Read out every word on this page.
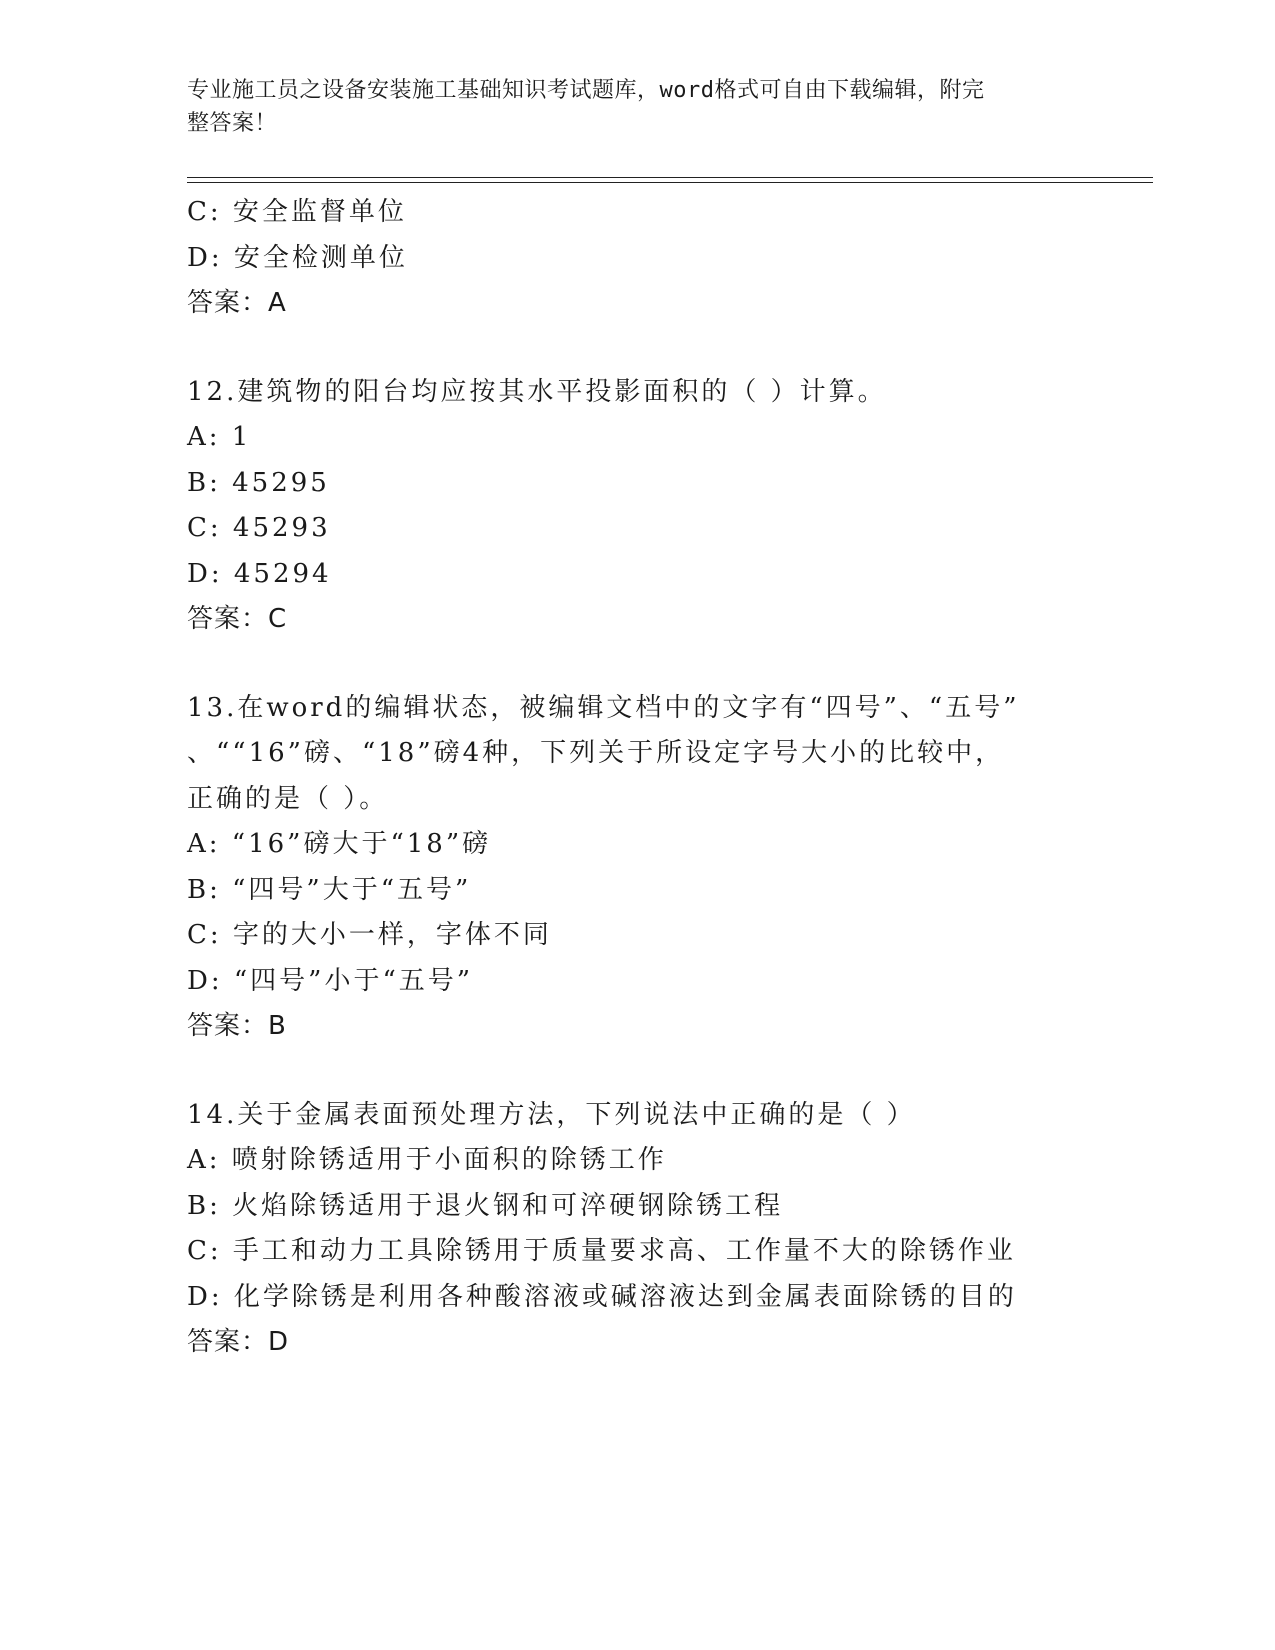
专业施工员之设备安装施工基础知识考试题库，word格式可自由下载编辑，附完
整答案！
C: 安全监督单位
D: 安全检测单位
答案：A
12.建筑物的阳台均应按其水平投影面积的（ ）计算。
A: 1
B: 45295
C: 45293
D: 45294
答案：C
13.在word的编辑状态，被编辑文档中的文字有“四号”、“五号”
、““16”磅、“18”磅4种，下列关于所设定字号大小的比较中，
正确的是（ ）。
A: “16”磅大于“18”磅
B: “四号”大于“五号”
C: 字的大小一样，字体不同
D: “四号”小于“五号”
答案：B
14.关于金属表面预处理方法，下列说法中正确的是（ ）
A: 喷射除锈适用于小面积的除锈工作
B: 火焰除锈适用于退火钢和可淬硬钢除锈工程
C: 手工和动力工具除锈用于质量要求高、工作量不大的除锈作业
D: 化学除锈是利用各种酸溶液或碱溶液达到金属表面除锈的目的
答案：D
